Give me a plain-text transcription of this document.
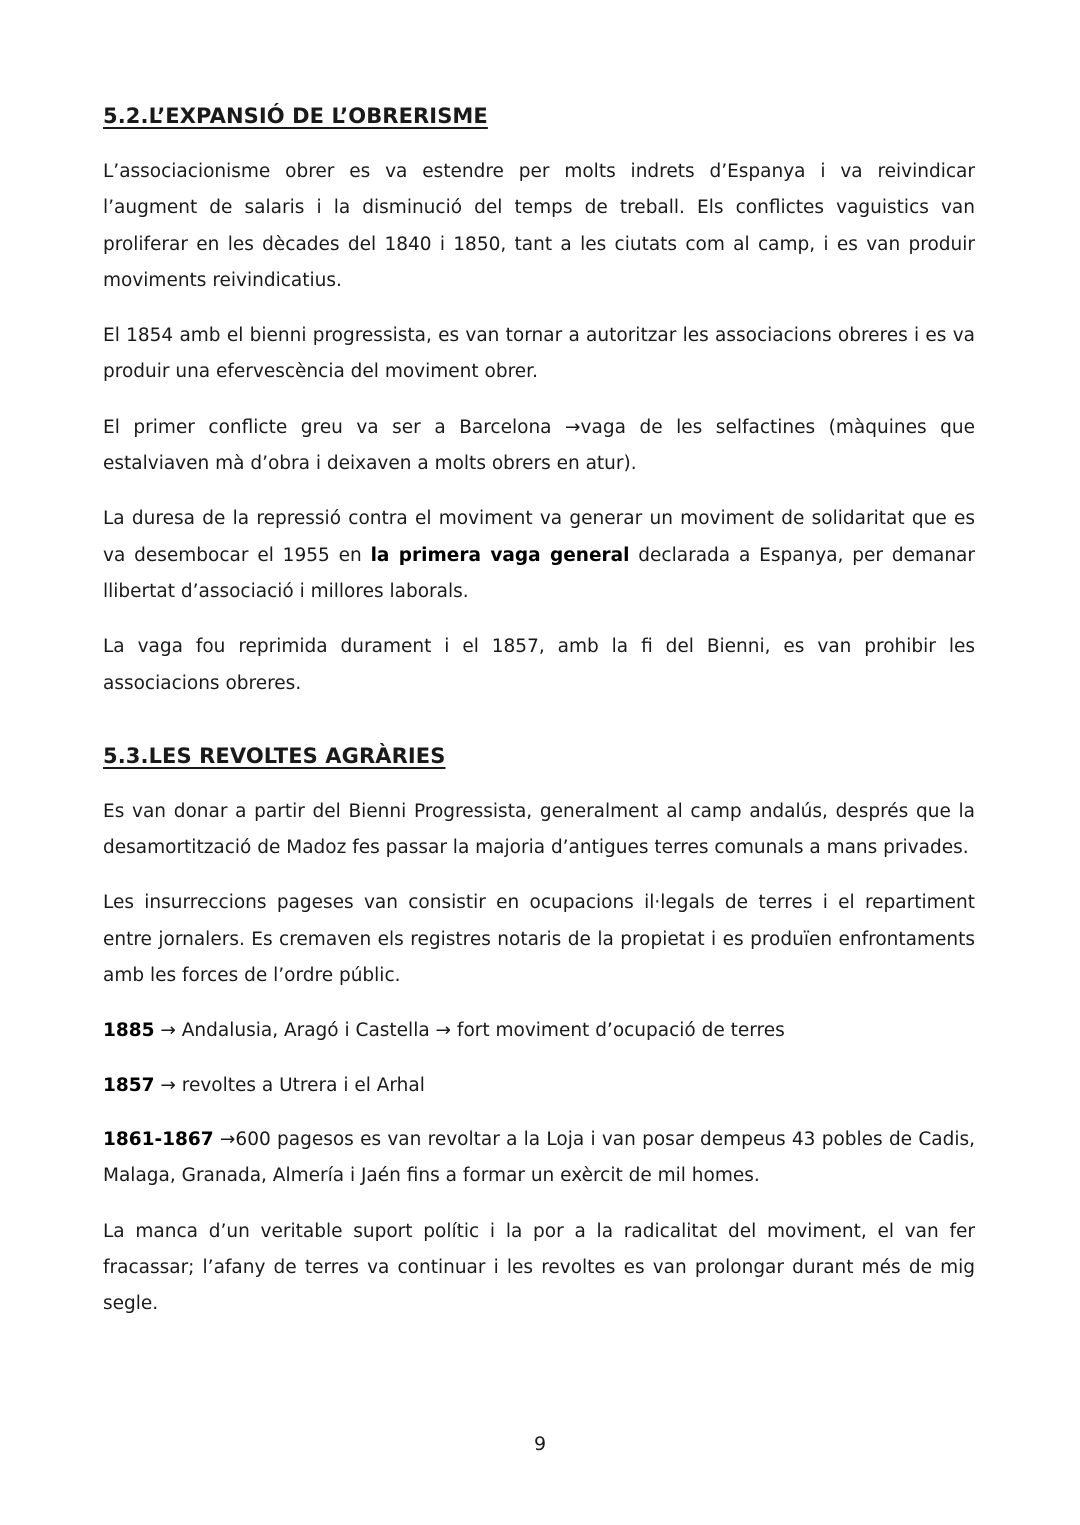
5.2.L’EXPANSIÓ DE L’OBRERISME

L’associacionisme obrer es va estendre per molts indrets d’Espanya i va reivindicar l’augment de salaris i la disminució del temps de treball. Els conflictes vaguistics van proliferar en les dècades del 1840 i 1850, tant a les ciutats com al camp, i es van produir moviments reivindicatius.

El 1854 amb el bienni progressista, es van tornar a autoritzar les associacions obreres i es va produir una efervescència del moviment obrer.

El primer conflicte greu va ser a Barcelona →vaga de les selfactines (màquines que estalviaven mà d’obra i deixaven a molts obrers en atur).

La duresa de la repressió contra el moviment va generar un moviment de solidaritat que es va desembocar el 1955 en la primera vaga general declarada a Espanya, per demanar llibertat d’associació i millores laborals.

La vaga fou reprimida durament i el 1857, amb la fi del Bienni, es van prohibir les associacions obreres.

5.3.LES REVOLTES AGRÀRIES

Es van donar a partir del Bienni Progressista, generalment al camp andalús, després que la desamortització de Madoz fes passar la majoria d’antigues terres comunals a mans privades.

Les insurreccions pageses van consistir en ocupacions il·legals de terres i el repartiment entre jornalers. Es cremaven els registres notaris de la propietat i es produïen enfrontaments amb les forces de l’ordre públic.

1885 → Andalusia, Aragó i Castella → fort moviment d’ocupació de terres

1857 → revoltes a Utrera i el Arhal

1861-1867 →600 pagesos es van revoltar a la Loja i van posar dempeus 43 pobles de Cadis, Malaga, Granada, Almería i Jaén fins a formar un exèrcit de mil homes.

La manca d’un veritable suport polític i la por a la radicalitat del moviment, el van fer fracassar; l’afany de terres va continuar i les revoltes es van prolongar durant més de mig segle.

9
